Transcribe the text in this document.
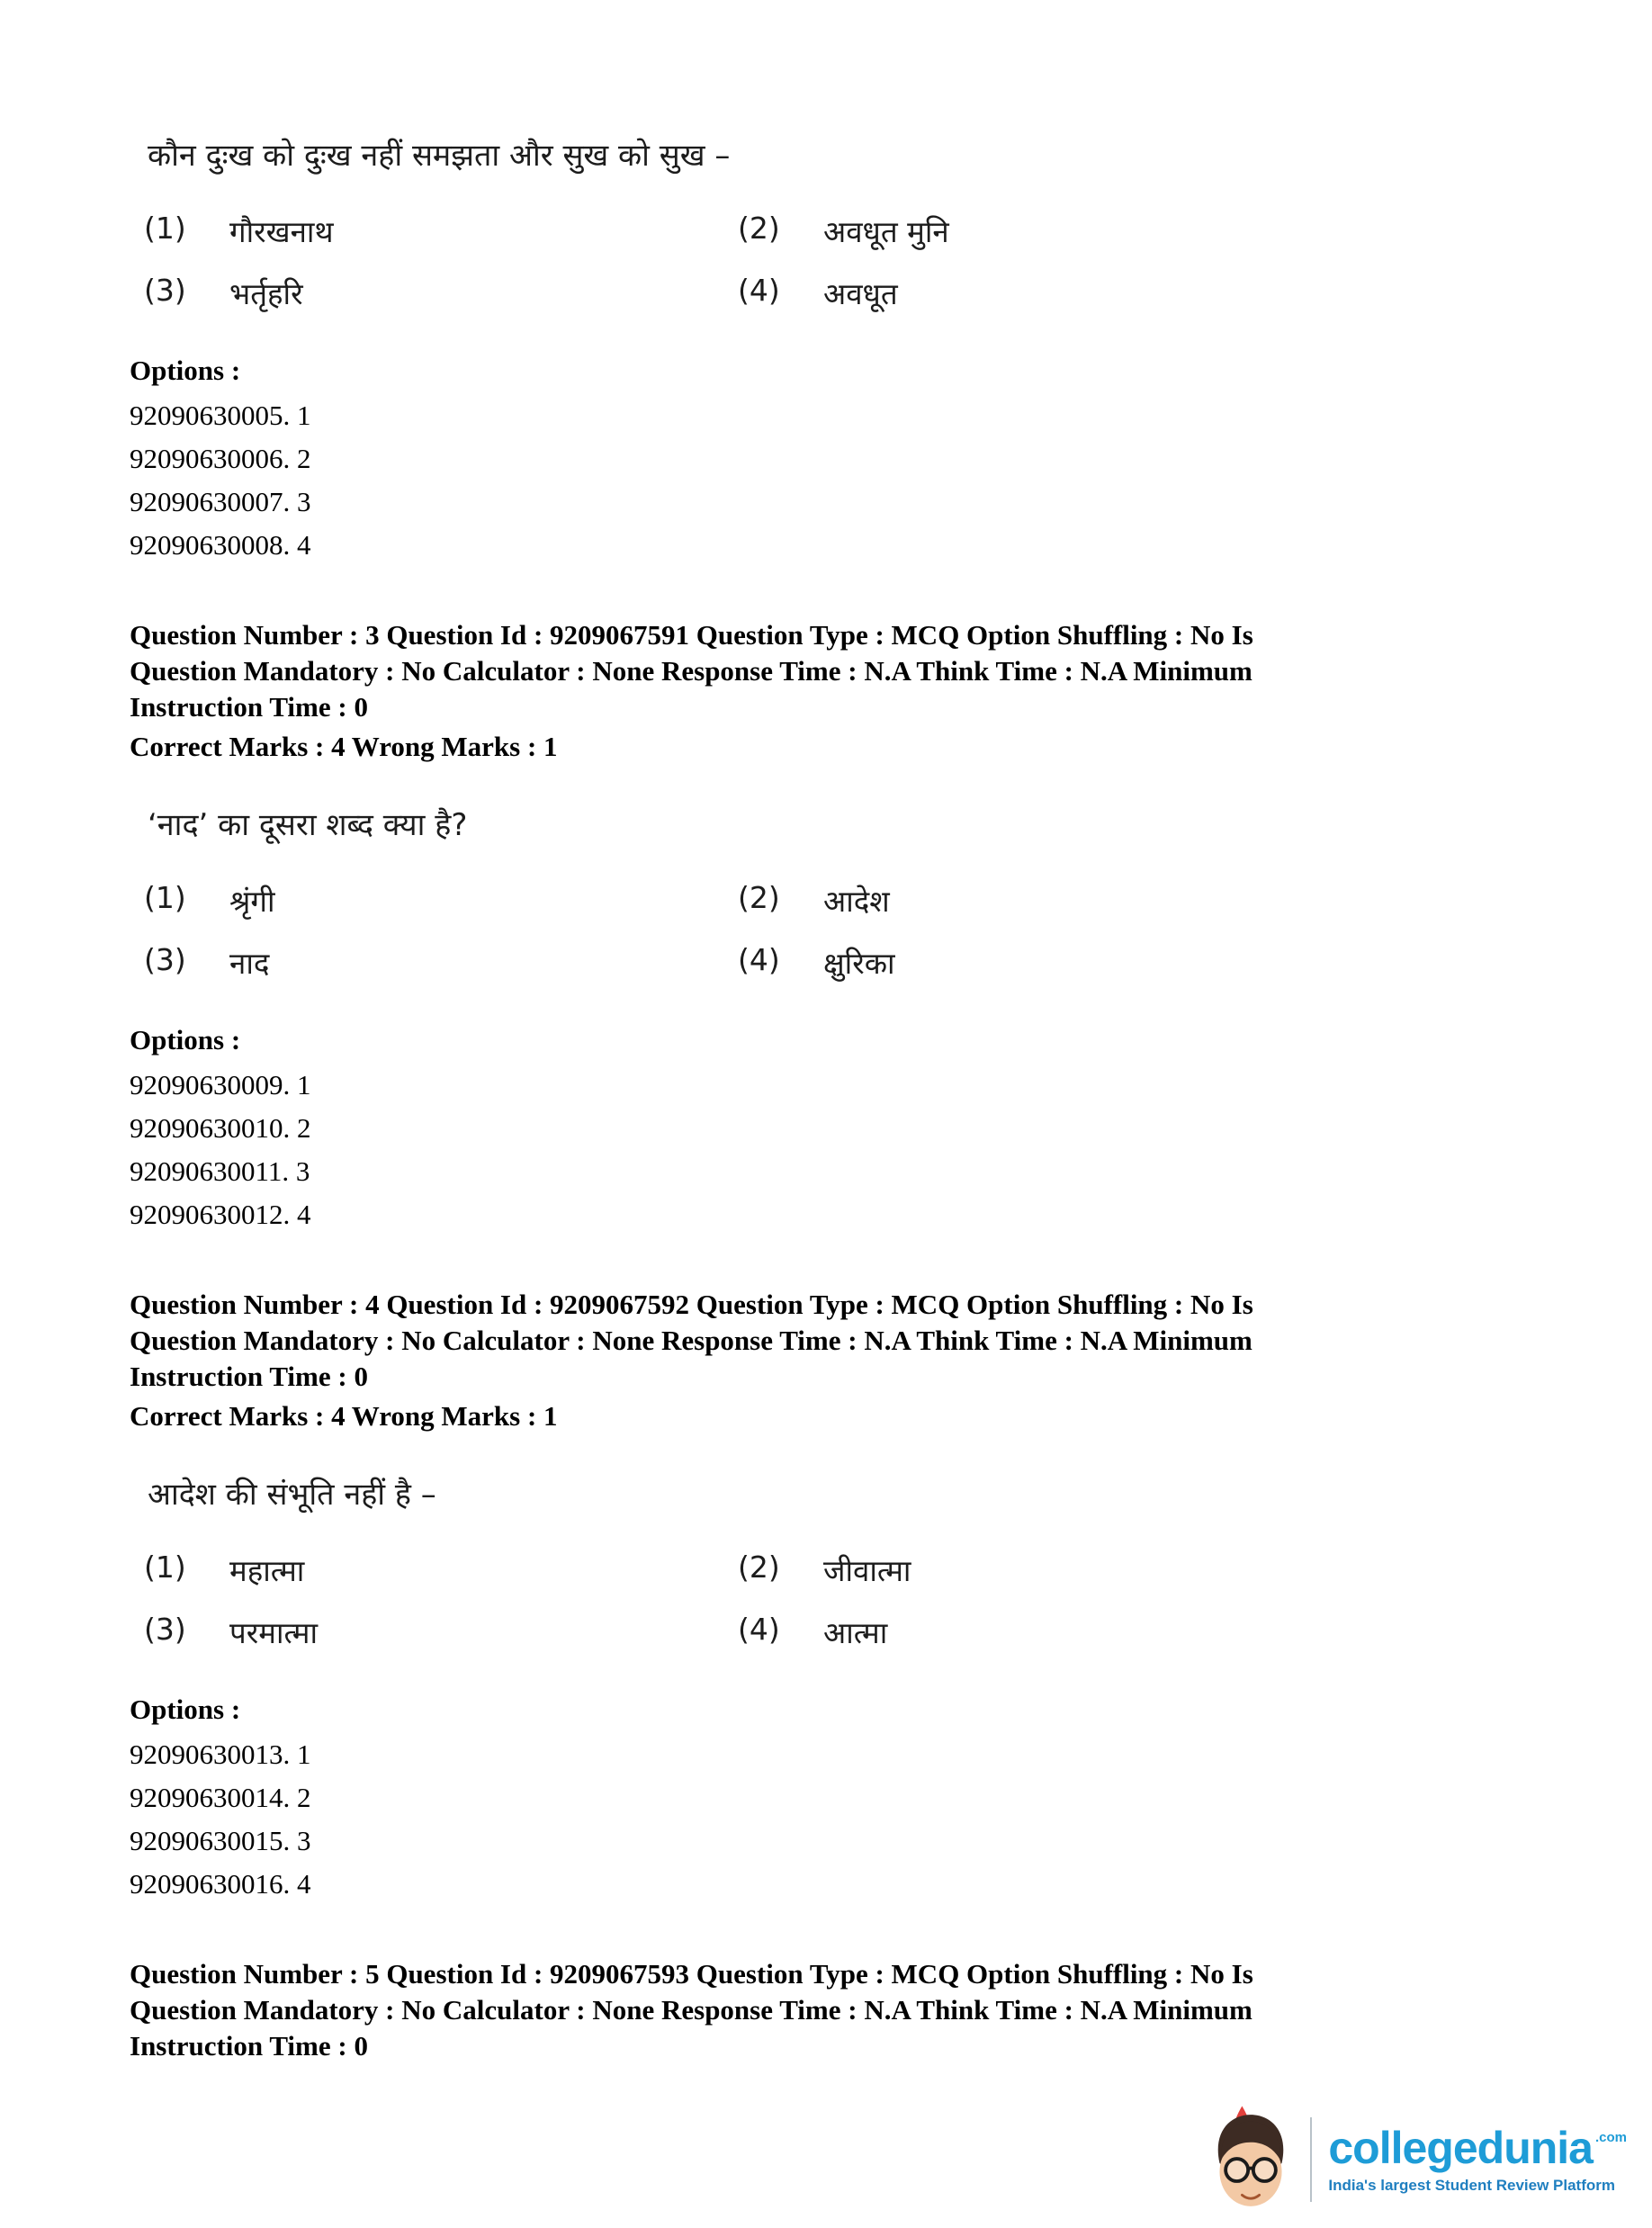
कौन दुःख को दुःख नहीं समझता और सुख को सुख –
(1)	गौरखनाथ	(2)	अवधूत मुनि
(3)	भर्तृहरि	(4)	अवधूत
Options :
92090630005. 1
92090630006. 2
92090630007. 3
92090630008. 4
Question Number : 3 Question Id : 9209067591 Question Type : MCQ Option Shuffling : No Is
Question Mandatory : No Calculator : None Response Time : N.A Think Time : N.A Minimum
Instruction Time : 0
Correct Marks : 4 Wrong Marks : 1
‘नाद’ का दूसरा शब्द क्या है?
(1)	श्रृंगी	(2)	आदेश
(3)	नाद	(4)	क्षुरिका
Options :
92090630009. 1
92090630010. 2
92090630011. 3
92090630012. 4
Question Number : 4 Question Id : 9209067592 Question Type : MCQ Option Shuffling : No Is
Question Mandatory : No Calculator : None Response Time : N.A Think Time : N.A Minimum
Instruction Time : 0
Correct Marks : 4 Wrong Marks : 1
आदेश की संभूति नहीं है –
(1)	महात्मा	(2)	जीवात्मा
(3)	परमात्मा	(4)	आत्मा
Options :
92090630013. 1
92090630014. 2
92090630015. 3
92090630016. 4
Question Number : 5 Question Id : 9209067593 Question Type : MCQ Option Shuffling : No Is
Question Mandatory : No Calculator : None Response Time : N.A Think Time : N.A Minimum
Instruction Time : 0
collegedunia .com
India's largest Student Review Platform
